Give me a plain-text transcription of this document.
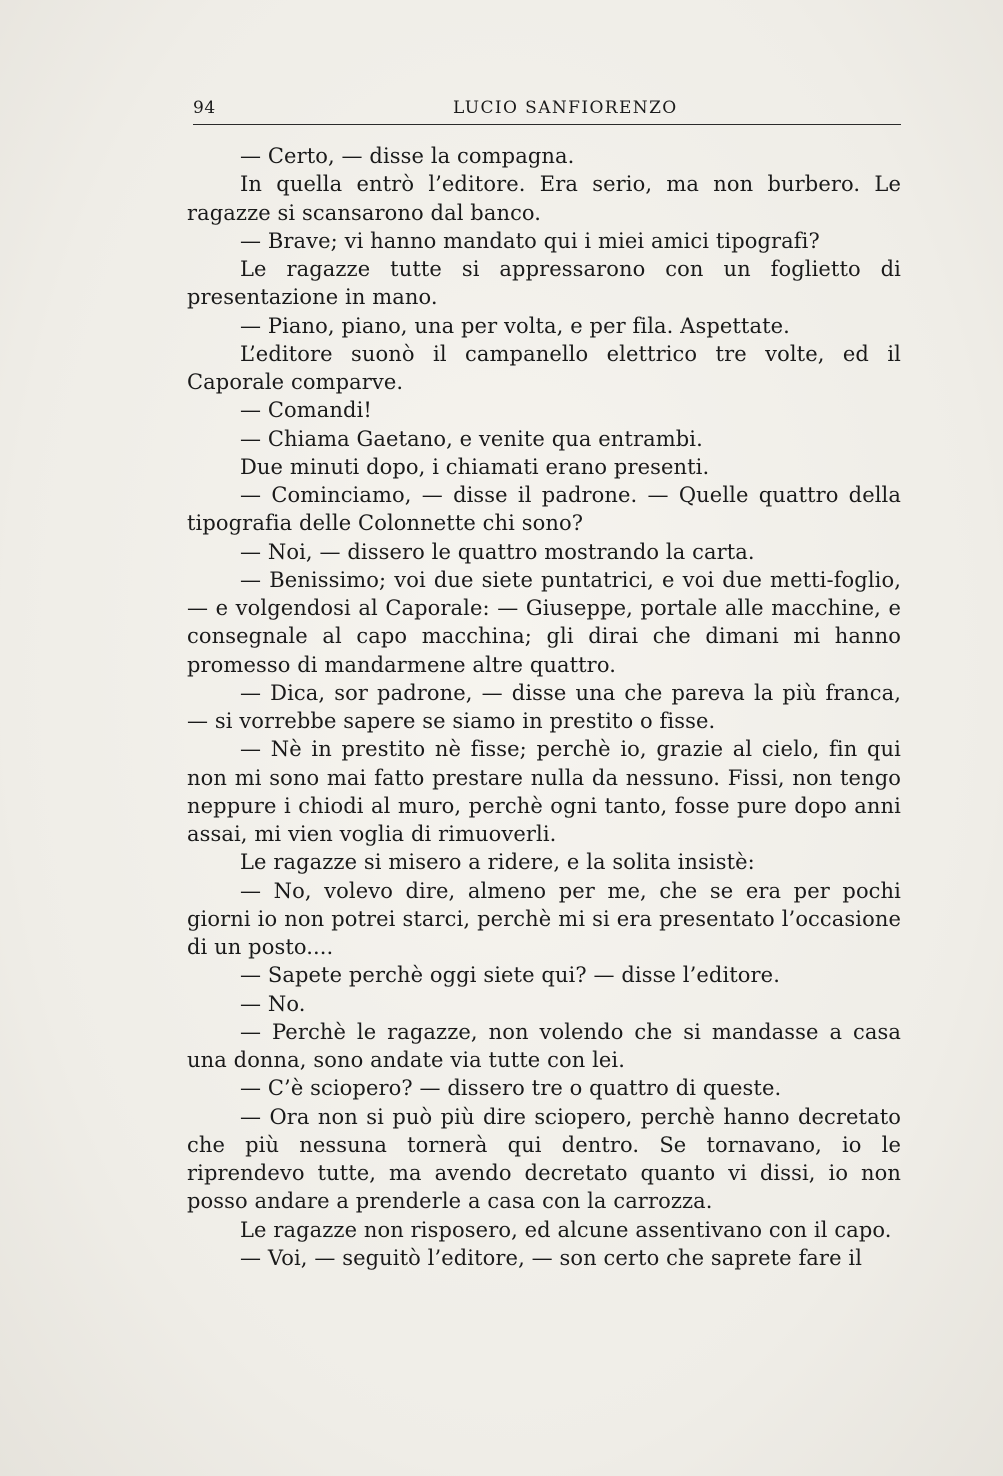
94	LUCIO SANFIORENZO

— Certo, — disse la compagna.

In quella entrò l’editore. Era serio, ma non burbero. Le ragazze si scansarono dal banco.

— Brave; vi hanno mandato qui i miei amici tipografi?

Le ragazze tutte si appressarono con un foglietto di presentazione in mano.

— Piano, piano, una per volta, e per fila. Aspettate.

L’editore suonò il campanello elettrico tre volte, ed il Caporale comparve.

— Comandi!

— Chiama Gaetano, e venite qua entrambi.

Due minuti dopo, i chiamati erano presenti.

— Cominciamo, — disse il padrone. — Quelle quattro della tipografia delle Colonnette chi sono?

— Noi, — dissero le quattro mostrando la carta.

— Benissimo; voi due siete puntatrici, e voi due metti-foglio, — e volgendosi al Caporale: — Giuseppe, portale alle macchine, e consegnale al capo macchina; gli dirai che dimani mi hanno promesso di mandarmene altre quattro.

— Dica, sor padrone, — disse una che pareva la più franca, — si vorrebbe sapere se siamo in prestito o fisse.

— Nè in prestito nè fisse; perchè io, grazie al cielo, fin qui non mi sono mai fatto prestare nulla da nessuno. Fissi, non tengo neppure i chiodi al muro, perchè ogni tanto, fosse pure dopo anni assai, mi vien voglia di rimuoverli.

Le ragazze si misero a ridere, e la solita insistè:

— No, volevo dire, almeno per me, che se era per pochi giorni io non potrei starci, perchè mi si era presentato l’occasione di un posto....

— Sapete perchè oggi siete qui? — disse l’editore.

— No.

— Perchè le ragazze, non volendo che si mandasse a casa una donna, sono andate via tutte con lei.

— C’è sciopero? — dissero tre o quattro di queste.

— Ora non si può più dire sciopero, perchè hanno decretato che più nessuna tornerà qui dentro. Se tornavano, io le riprendevo tutte, ma avendo decretato quanto vi dissi, io non posso andare a prenderle a casa con la carrozza.

Le ragazze non risposero, ed alcune assentivano con il capo.

— Voi, — seguitò l’editore, — son certo che saprete fare il
